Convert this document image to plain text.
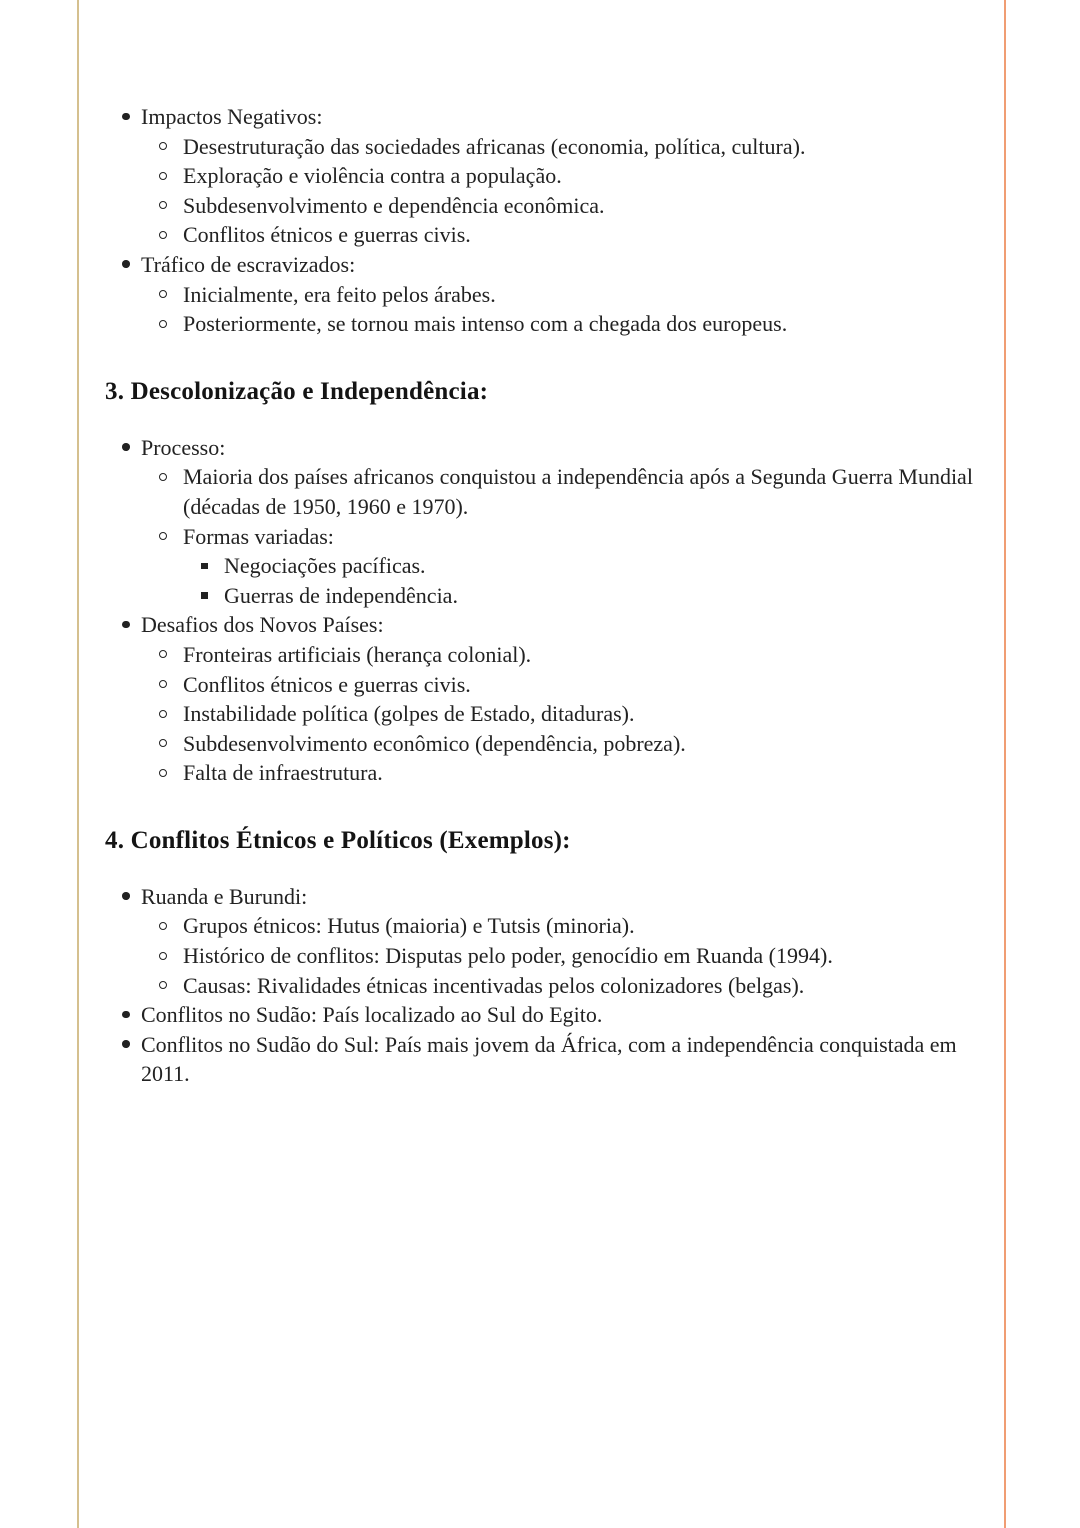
Impactos Negativos:
Desestruturação das sociedades africanas (economia, política, cultura).
Exploração e violência contra a população.
Subdesenvolvimento e dependência econômica.
Conflitos étnicos e guerras civis.
Tráfico de escravizados:
Inicialmente, era feito pelos árabes.
Posteriormente, se tornou mais intenso com a chegada dos europeus.
3. Descolonização e Independência:
Processo:
Maioria dos países africanos conquistou a independência após a Segunda Guerra Mundial (décadas de 1950, 1960 e 1970).
Formas variadas:
Negociações pacíficas.
Guerras de independência.
Desafios dos Novos Países:
Fronteiras artificiais (herança colonial).
Conflitos étnicos e guerras civis.
Instabilidade política (golpes de Estado, ditaduras).
Subdesenvolvimento econômico (dependência, pobreza).
Falta de infraestrutura.
4. Conflitos Étnicos e Políticos (Exemplos):
Ruanda e Burundi:
Grupos étnicos: Hutus (maioria) e Tutsis (minoria).
Histórico de conflitos: Disputas pelo poder, genocídio em Ruanda (1994).
Causas: Rivalidades étnicas incentivadas pelos colonizadores (belgas).
Conflitos no Sudão: País localizado ao Sul do Egito.
Conflitos no Sudão do Sul: País mais jovem da África, com a independência conquistada em 2011.
